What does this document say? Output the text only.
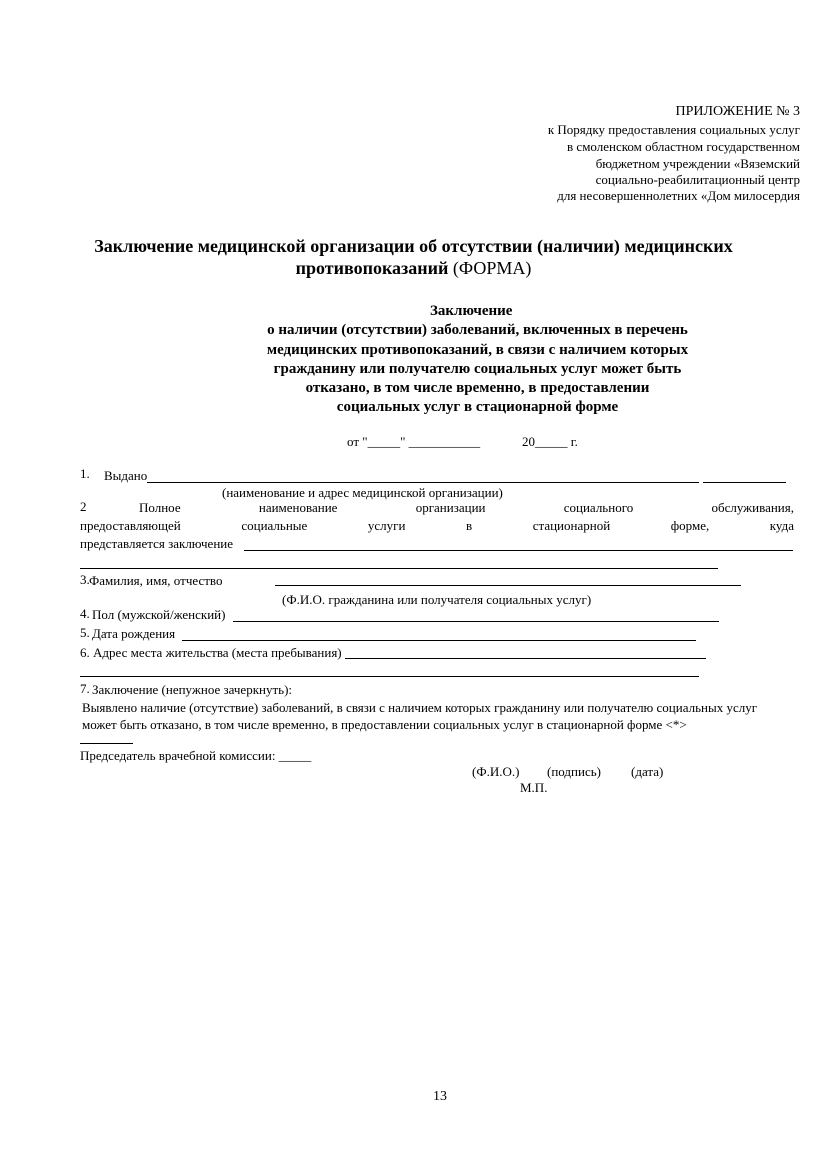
ПРИЛОЖЕНИЕ № 3
к Порядку предоставления социальных услуг
в смоленском областном государственном
бюджетном учреждении «Вяземский
социально-реабилитационный центр
для несовершеннолетних «Дом милосердия
Заключение медицинской организации об отсутствии (наличии) медицинских
противопоказаний (ФОРМА)
Заключение
о наличии (отсутствии) заболеваний, включенных в перечень
медицинских противопоказаний, в связи с наличием которых
гражданину или получателю социальных услуг может быть
отказано, в том числе временно, в предоставлении
социальных услуг в стационарной форме
от "_____" ___________	20_____ г.
1. Выдано
(наименование и адрес медицинской организации)
2	Полное	наименование	организации	социального	обслуживания,
предоставляющей	социальные	услуги	в	стационарной	форме,	куда
представляется заключение
3. Фамилия, имя, отчество
(Ф.И.О. гражданина или получателя социальных услуг)
4. Пол (мужской/женский)
5. Дата рождения
6. Адрес места жительства (места пребывания)
7. Заключение (непужное зачеркнуть):
Выявлено наличие (отсутствие) заболеваний, в связи с наличием которых гражданину или получателю социальных услуг
может быть отказано, в том числе временно, в предоставлении социальных услуг в стационарной форме <*>
Председатель врачебной комиссии: _____
(Ф.И.О.) (подпись) (дата)
М.П.
13
